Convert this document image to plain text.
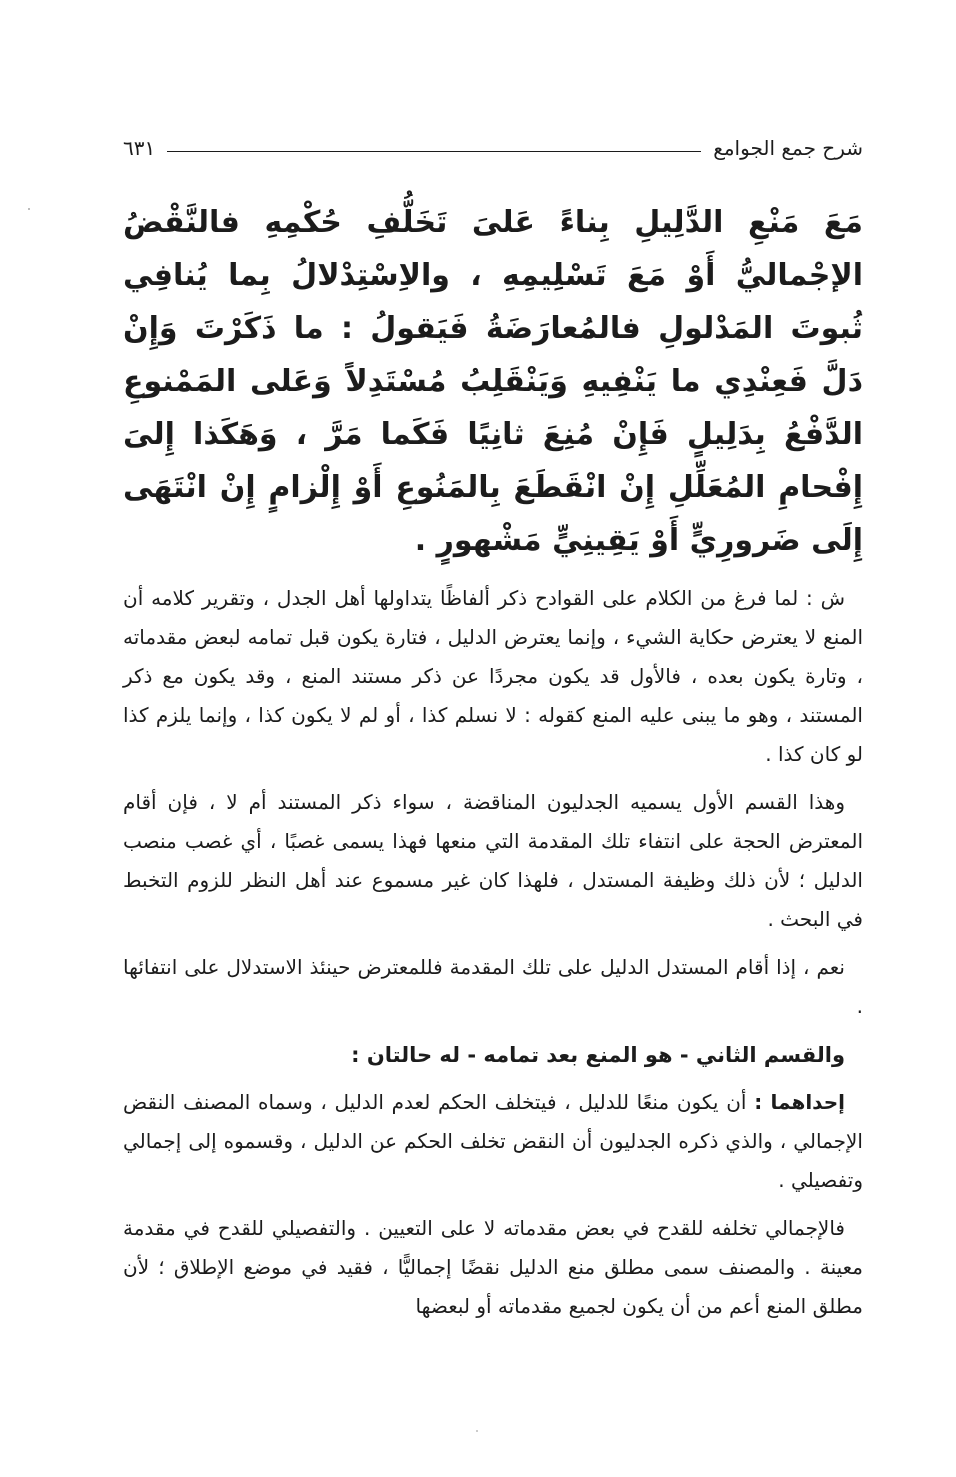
شرح جمع الجوامع
٦٣١

مَعَ مَنْعِ الدَّلِيلِ بِناءً عَلىَ تَخَلُّفِ حُكْمِهِ فالنَّقْضُ الإجْماليُّ أَوْ مَعَ تَسْلِيمِهِ ، والاِسْتِدْلالُ بِما يُنافِي ثُبوتَ المَدْلولِ فالمُعارَضَةُ فَيَقولُ : ما ذَكَرْتَ وَإِنْ دَلَّ فَعِنْدِي ما يَنْفِيهِ وَيَنْقَلِبُ مُسْتَدِلاً وَعَلى المَمْنوعِ الدَّفْعُ بِدَلِيلٍ فَإِنْ مُنِعَ ثانِيًا فَكَما مَرَّ ، وَهَكَذا إِلىَ إِفْحامِ المُعَلِّلِ إِنْ انْقَطَعَ بِالمَنُوعِ أَوْ إِلْزامٍ إِنْ انْتَهَى إِلَى ضَرورِيٍّ أَوْ يَقِينِيٍّ مَشْهورٍ .

ش : لما فرغ من الكلام على القوادح ذكر ألفاظًا يتداولها أهل الجدل ، وتقرير كلامه أن المنع لا يعترض حكاية الشيء ، وإنما يعترض الدليل ، فتارة يكون قبل تمامه لبعض مقدماته ، وتارة يكون بعده ، فالأول قد يكون مجردًا عن ذكر مستند المنع ، وقد يكون مع ذكر المستند ، وهو ما يبنى عليه المنع كقوله : لا نسلم كذا ، أو لم لا يكون كذا ، وإنما يلزم كذا لو كان كذا .

وهذا القسم الأول يسميه الجدليون المناقضة ، سواء ذكر المستند أم لا ، فإن أقام المعترض الحجة على انتفاء تلك المقدمة التي منعها فهذا يسمى غصبًا ، أي غصب منصب الدليل ؛ لأن ذلك وظيفة المستدل ، فلهذا كان غير مسموع عند أهل النظر للزوم التخبط في البحث .

نعم ، إذا أقام المستدل الدليل على تلك المقدمة فللمعترض حينئذ الاستدلال على انتفائها .

والقسم الثاني - هو المنع بعد تمامه - له حالتان :

إحداهما : أن يكون منعًا للدليل ، فيتخلف الحكم لعدم الدليل ، وسماه المصنف النقض الإجمالي ، والذي ذكره الجدليون أن النقض تخلف الحكم عن الدليل ، وقسموه إلى إجمالي وتفصيلي .

فالإجمالي تخلفه للقدح في بعض مقدماته لا على التعيين . والتفصيلي للقدح في مقدمة معينة . والمصنف سمى مطلق منع الدليل نقضًا إجماليًّا ، فقيد في موضع الإطلاق ؛ لأن مطلق المنع أعم من أن يكون لجميع مقدماته أو لبعضها
